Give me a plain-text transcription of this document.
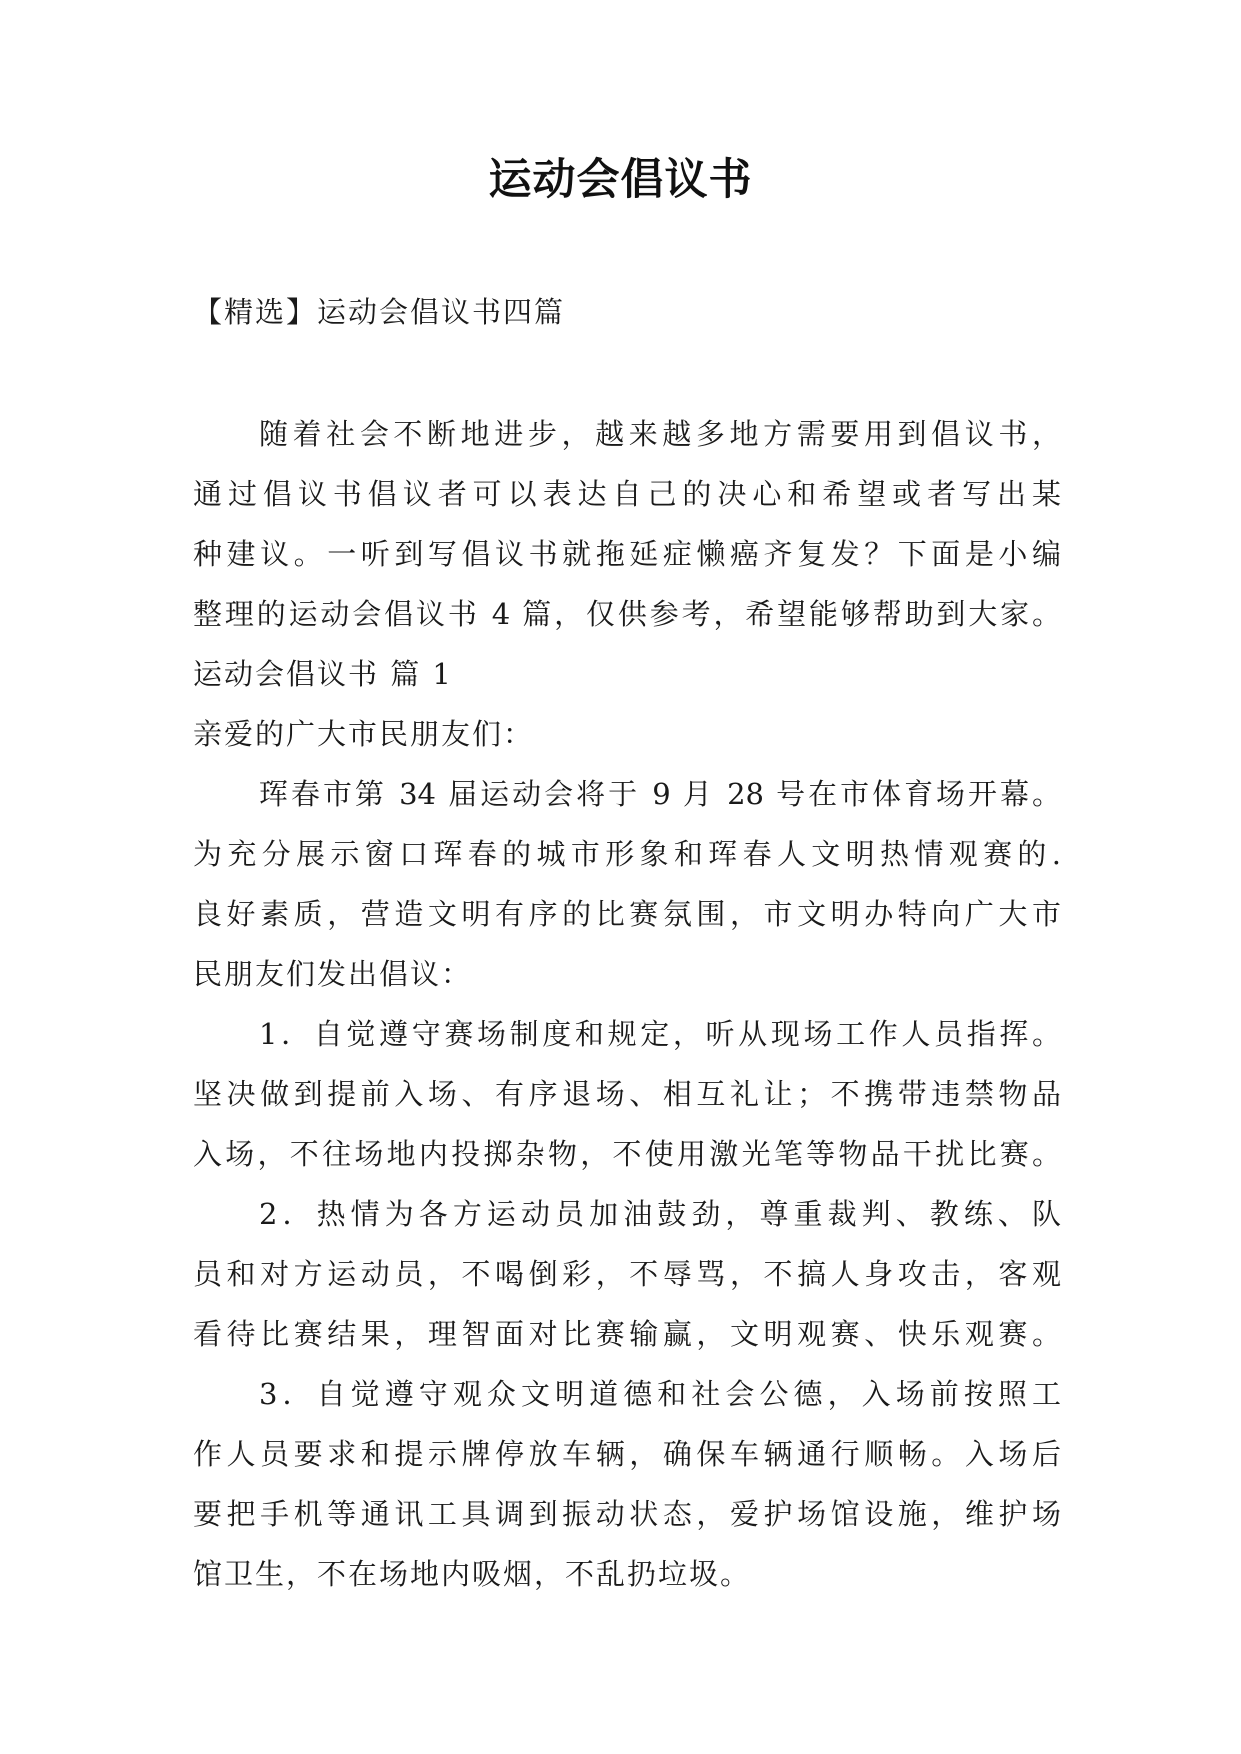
运动会倡议书

【精选】运动会倡议书四篇

随着社会不断地进步，越来越多地方需要用到倡议书，
通过倡议书倡议者可以表达自己的决心和希望或者写出某
种建议。一听到写倡议书就拖延症懒癌齐复发？下面是小编
整理的运动会倡议书 4 篇，仅供参考，希望能够帮助到大家。
运动会倡议书 篇 1
亲爱的广大市民朋友们：
珲春市第 34 届运动会将于 9 月 28 号在市体育场开幕。
为充分展示窗口珲春的城市形象和珲春人文明热情观赛的.
良好素质，营造文明有序的比赛氛围，市文明办特向广大市
民朋友们发出倡议：
1．自觉遵守赛场制度和规定，听从现场工作人员指挥。
坚决做到提前入场、有序退场、相互礼让；不携带违禁物品
入场，不往场地内投掷杂物，不使用激光笔等物品干扰比赛。
2．热情为各方运动员加油鼓劲，尊重裁判、教练、队
员和对方运动员，不喝倒彩，不辱骂，不搞人身攻击，客观
看待比赛结果，理智面对比赛输赢，文明观赛、快乐观赛。
3．自觉遵守观众文明道德和社会公德，入场前按照工
作人员要求和提示牌停放车辆，确保车辆通行顺畅。入场后
要把手机等通讯工具调到振动状态，爱护场馆设施，维护场
馆卫生，不在场地内吸烟，不乱扔垃圾。
